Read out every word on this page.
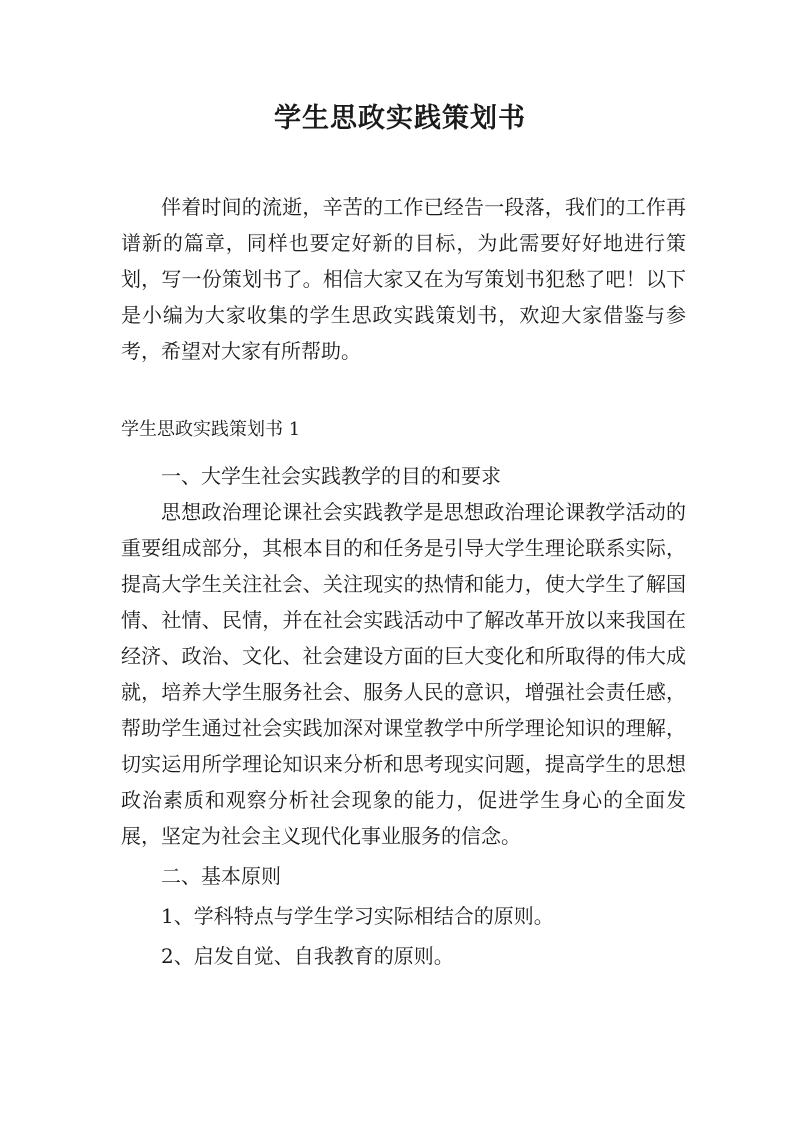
学生思政实践策划书
伴着时间的流逝，辛苦的工作已经告一段落，我们的工作再谱新的篇章，同样也要定好新的目标，为此需要好好地进行策划，写一份策划书了。相信大家又在为写策划书犯愁了吧！以下是小编为大家收集的学生思政实践策划书，欢迎大家借鉴与参考，希望对大家有所帮助。
学生思政实践策划书 1

一、大学生社会实践教学的目的和要求

思想政治理论课社会实践教学是思想政治理论课教学活动的重要组成部分，其根本目的和任务是引导大学生理论联系实际，提高大学生关注社会、关注现实的热情和能力，使大学生了解国情、社情、民情，并在社会实践活动中了解改革开放以来我国在经济、政治、文化、社会建设方面的巨大变化和所取得的伟大成就，培养大学生服务社会、服务人民的意识，增强社会责任感，帮助学生通过社会实践加深对课堂教学中所学理论知识的理解，切实运用所学理论知识来分析和思考现实问题，提高学生的思想政治素质和观察分析社会现象的能力，促进学生身心的全面发展，坚定为社会主义现代化事业服务的信念。

二、基本原则

1、学科特点与学生学习实际相结合的原则。

2、启发自觉、自我教育的原则。
